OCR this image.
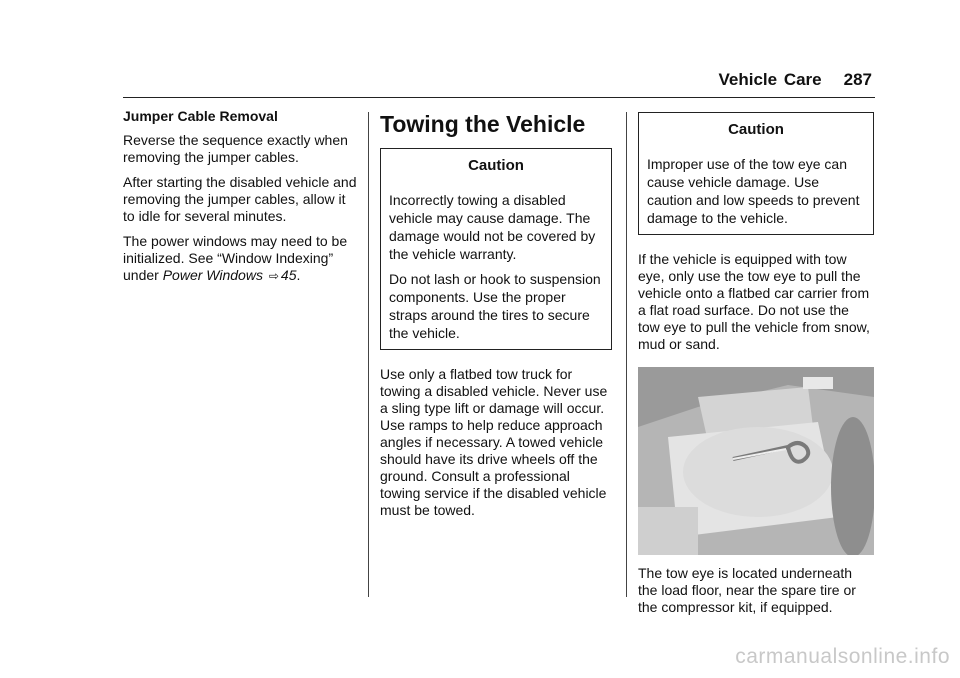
Vehicle Care 287

Jumper Cable Removal

Reverse the sequence exactly when removing the jumper cables.

After starting the disabled vehicle and removing the jumper cables, allow it to idle for several minutes.

The power windows may need to be initialized. See “Window Indexing” under Power Windows ⇨ 45.

Towing the Vehicle

Caution

Incorrectly towing a disabled vehicle may cause damage. The damage would not be covered by the vehicle warranty.

Do not lash or hook to suspension components. Use the proper straps around the tires to secure the vehicle.

Use only a flatbed tow truck for towing a disabled vehicle. Never use a sling type lift or damage will occur. Use ramps to help reduce approach angles if necessary. A towed vehicle should have its drive wheels off the ground. Consult a professional towing service if the disabled vehicle must be towed.

Caution

Improper use of the tow eye can cause vehicle damage. Use caution and low speeds to prevent damage to the vehicle.

If the vehicle is equipped with tow eye, only use the tow eye to pull the vehicle onto a flatbed car carrier from a flat road surface. Do not use the tow eye to pull the vehicle from snow, mud or sand.

The tow eye is located underneath the load floor, near the spare tire or the compressor kit, if equipped.

carmanualsonline.info
